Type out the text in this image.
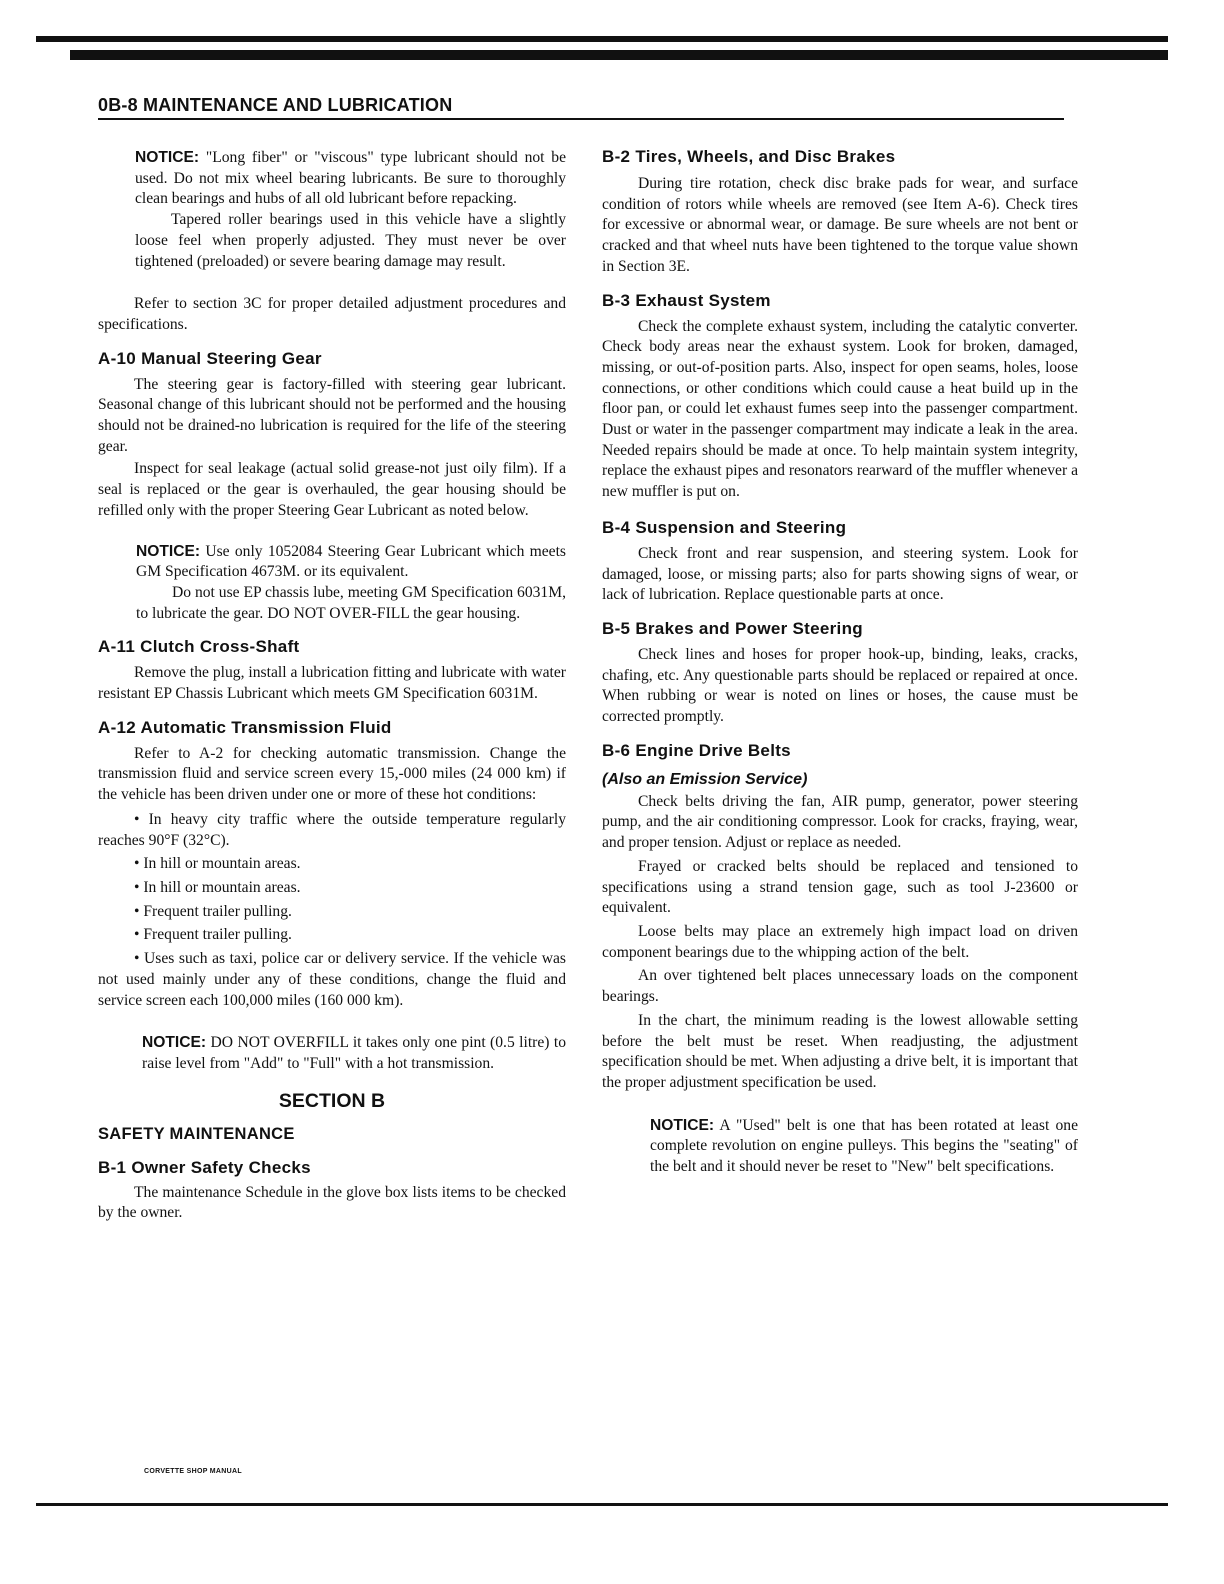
0B-8 MAINTENANCE AND LUBRICATION

NOTICE: "Long fiber" or "viscous" type lubricant should not be used. Do not mix wheel bearing lubricants. Be sure to thoroughly clean bearings and hubs of all old lubricant before repacking.

Tapered roller bearings used in this vehicle have a slightly loose feel when properly adjusted. They must never be over tightened (preloaded) or severe bearing damage may result.

Refer to section 3C for proper detailed adjustment procedures and specifications.

A-10 Manual Steering Gear

The steering gear is factory-filled with steering gear lubricant. Seasonal change of this lubricant should not be performed and the housing should not be drained-no lubrication is required for the life of the steering gear.

Inspect for seal leakage (actual solid grease-not just oily film). If a seal is replaced or the gear is overhauled, the gear housing should be refilled only with the proper Steering Gear Lubricant as noted below.

NOTICE: Use only 1052084 Steering Gear Lubricant which meets GM Specification 4673M. or its equivalent.

Do not use EP chassis lube, meeting GM Specification 6031M, to lubricate the gear. DO NOT OVER-FILL the gear housing.

A-11 Clutch Cross-Shaft

Remove the plug, install a lubrication fitting and lubricate with water resistant EP Chassis Lubricant which meets GM Specification 6031M.

A-12 Automatic Transmission Fluid

Refer to A-2 for checking automatic transmission. Change the transmission fluid and service screen every 15,-000 miles (24 000 km) if the vehicle has been driven under one or more of these hot conditions:

• In heavy city traffic where the outside temperature regularly reaches 90°F (32°C).

• In hill or mountain areas.

• In hill or mountain areas.

• Frequent trailer pulling.

• Frequent trailer pulling.

• Uses such as taxi, police car or delivery service. If the vehicle was not used mainly under any of these conditions, change the fluid and service screen each 100,000 miles (160 000 km).

NOTICE: DO NOT OVERFILL it takes only one pint (0.5 litre) to raise level from "Add" to "Full" with a hot transmission.

SECTION B
SAFETY MAINTENANCE
B-1 Owner Safety Checks

The maintenance Schedule in the glove box lists items to be checked by the owner.

B-2 Tires, Wheels, and Disc Brakes

During tire rotation, check disc brake pads for wear, and surface condition of rotors while wheels are removed (see Item A-6). Check tires for excessive or abnormal wear, or damage. Be sure wheels are not bent or cracked and that wheel nuts have been tightened to the torque value shown in Section 3E.

B-3 Exhaust System

Check the complete exhaust system, including the catalytic converter. Check body areas near the exhaust system. Look for broken, damaged, missing, or out-of-position parts. Also, inspect for open seams, holes, loose connections, or other conditions which could cause a heat build up in the floor pan, or could let exhaust fumes seep into the passenger compartment. Dust or water in the passenger compartment may indicate a leak in the area. Needed repairs should be made at once. To help maintain system integrity, replace the exhaust pipes and resonators rearward of the muffler whenever a new muffler is put on.

B-4 Suspension and Steering

Check front and rear suspension, and steering system. Look for damaged, loose, or missing parts; also for parts showing signs of wear, or lack of lubrication. Replace questionable parts at once.

B-5 Brakes and Power Steering

Check lines and hoses for proper hook-up, binding, leaks, cracks, chafing, etc. Any questionable parts should be replaced or repaired at once. When rubbing or wear is noted on lines or hoses, the cause must be corrected promptly.

B-6 Engine Drive Belts
(Also an Emission Service)

Check belts driving the fan, AIR pump, generator, power steering pump, and the air conditioning compressor. Look for cracks, fraying, wear, and proper tension. Adjust or replace as needed.

Frayed or cracked belts should be replaced and tensioned to specifications using a strand tension gage, such as tool J-23600 or equivalent.

Loose belts may place an extremely high impact load on driven component bearings due to the whipping action of the belt.

An over tightened belt places unnecessary loads on the component bearings.

In the chart, the minimum reading is the lowest allowable setting before the belt must be reset. When readjusting, the adjustment specification should be met. When adjusting a drive belt, it is important that the proper adjustment specification be used.

NOTICE: A "Used" belt is one that has been rotated at least one complete revolution on engine pulleys. This begins the "seating" of the belt and it should never be reset to "New" belt specifications.

CORVETTE SHOP MANUAL
